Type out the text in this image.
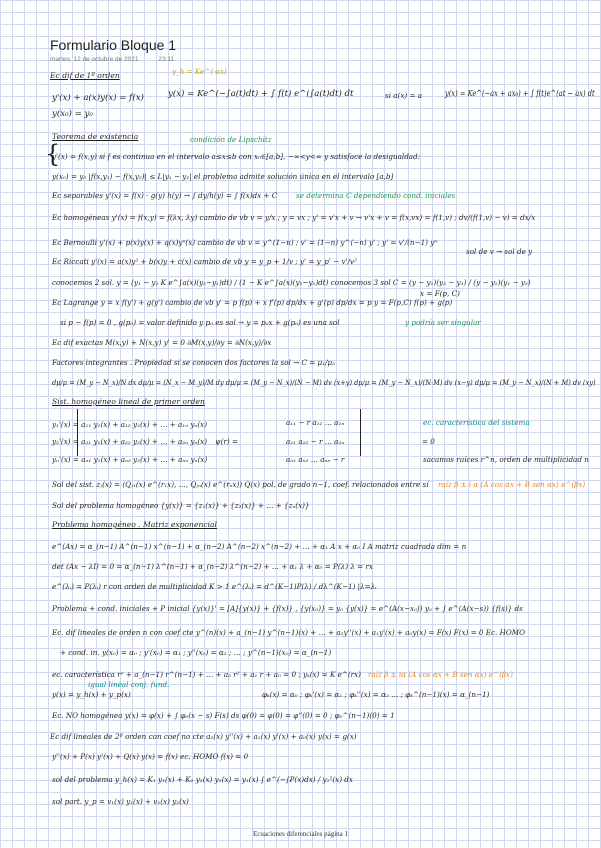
Formulario Bloque 1
martes, 12 de octubre de 2021	23:11
{
Ec dif de 1º orden	y_h = Ke^(-ax)
y'(x) + a(x)y(x) = f(x)
y(x₀) = y₀
y(x) = Ke^(−∫a(t)dt) + ∫ f(t) e^(∫a(t)dt) dt	si a(x) = a	y(x) = Ke^(−ax + ax₀) + ∫ f(t)e^(at − ax) dt
Teorema de existencia	condición de Lipschitz
y'(x) = f(x,y) si f es continua en el intervalo a≤x≤b con x₀∈[a,b], −∞<y<∞ y satisface la desigualdad:
y(x₀) = y₀ |f(x,y₁) − f(x,y₂)| ≤ L|y₁ − y₂| el problema admite solución única en el intervalo [a,b]
Ec separables y'(x) = f(x) · g(y) h(y) → ∫ dy/h(y) = ∫ f(x)dx + C	se determina C dependiendo cond. iniciales
Ec homogéneas y'(x) = f(x,y) = f(λx, λy) cambio de vb v = y/x ; y = vx ; y' = v'x + v → v'x + v = f(x,vx) = f(1,v) ; dv/(f(1,v) − v) = dx/x
Ec Bernoulli y'(x) + p(x)y(x) + q(x)yⁿ(x) cambio de vb v = y^(1−n) ; v' = (1−n) y^(−n) y' ; y' = v'/(n−1) yⁿ
Ec Riccati y'(x) = a(x)y² + b(x)y + c(x) cambio de vb y = y_p + 1/v ; y' = y_p' − v'/v²
sol de v → sol de y
conocemos 2 sol. y = (y₁ − y₂ K e^∫a(x)(y₂−y₁)dt) / (1 − K e^∫a(x)(y₂−y₁)dt) conocemos 3 sol C = (y − y₁)(y₂ − y₃) / (y − y₂)(y₁ − y₃)
x = F(p, C)
Ec Lagrange y = x f(y') + g(y') cambio de vb y' = p f(p) + x f'(p) dp/dx + g'(p) dp/dx = p y = F(p,C) f(p) + g(p)
si p − f(p) = 0 , g(p₀) = valor definido y p₀ es sol → y = p₀x + g(p₀) es una sol	y podría ser singular
Ec dif exactas M(x,y) + N(x,y) y' = 0 ∂M(x,y)/∂y = ∂N(x,y)/∂x
Factores integrantes . Propiedad si se conocen dos factores la sol → C = μ₁/μ₂
dμ/μ = (M_y − N_x)/N dx dμ/μ = (N_x − M_y)/M dy dμ/μ = (M_y − N_x)/(N − M) dv (x+y) dμ/μ = (M_y − N_x)/(N·M) dv (x−y) dμ/μ = (M_y − N_x)/(N + M) dv (xy)
Sist. homogéneo lineal de primer orden
y₁'(x) = a₁₁ y₁(x) + a₁₂ y₂(x) + … + a₁ₙ yₙ(x)
y₂'(x) = a₂₁ y₁(x) + a₂₂ y₂(x) + … + a₂ₙ yₙ(x)
yₙ'(x) = aₙ₁ y₁(x) + aₙ₂ y₂(x) + … + aₙₙ yₙ(x)
ψ(r) =
a₁₁ − r a₁₂ … a₁ₙ
a₂₁ a₂₂ − r … a₂ₙ
aₙ₁ aₙ₂ … aₙₙ − r
= 0
ec. característica del sistema
sacamos raíces r^n, orden de multiplicidad n
Sol del sist. zⱼ(x) = (Qⱼ₁(x) e^(r₁x), …, Qⱼₙ(x) e^(rₙx)) Q(x) pol. de grado n−1, coef. relacionados entre sí raíz β ± i α (A cos αx + B sen αx) e^(βx)
Sol del problema homogéneo {y(x)} = {z₁(x)} + {z₂(x)} + … + {zₙ(x)}
Problema homogéneo . Matriz exponencial
e^(Ax) = α_(n−1) A^(n−1) x^(n−1) + α_(n−2) A^(n−2) x^(n−2) + … + α₁ A x + α₀ I A matriz cuadrada dim = n
det (Ax − λI) = 0 = α_(n−1) λ^(n−1) + α_(n−2) λ^(n−2) + … + α₁ λ + α₀ = P(λ) λ = rx
e^(λᵢ) = P(λᵢ) r con orden de multiplicidad K > 1 e^(λᵢ) = d^(K−1)P(λ) / dλ^(K−1) |λ=λᵢ
Problema + cond. iniciales + P inicial {y(x)}' = [A]{y(x)} + {f(x)} , {y(x₀)} = y₀ {y(x)} = e^(A(x−x₀)) y₀ + ∫ e^(A(x−s)) {f(s)} ds
Ec. dif lineales de orden n con coef cte y^(n)(x) + a_(n−1) y^(n−1)(x) + … + a₂y''(x) + a₁y'(x) + a₀y(x) = F(x) F(x) = 0 Ec. HOMO
+ cond. in. y(x₀) = α₀ ; y'(x₀) = α₁ ; y''(x₀) = α₂ ; … ; y^(n−1)(x₀) = α_(n−1)
ec. característica rⁿ + a_(n−1) r^(n−1) + … + a₂ r² + a₁ r + a₀ = 0 ; yₖ(x) = K e^(rx) raíz β ± iα (A cos αx + B sen αx) e^(βx)
igual lineal conj. fund.
y(x) = y_h(x) + y_p(x)	φₖ(x) = α₀ ; φₖ'(x) = α₁ ; φₖ''(x) = α₂ … ; φₖ^(n−1)(x) = α_(n−1)
Ec. NO homogénea y(x) = φ(x) + ∫ φ₀(x − s) F(s) ds φ(0) = φ(0) = φ''(0) = 0 ; φ₀^(n−1)(0) = 1
Ec dif lineales de 2º orden con coef no cte a₂(x) y''(x) + a₁(x) y'(x) + a₀(x) y(x) = g(x)
y''(x) + P(x) y'(x) + Q(x) y(x) = f(x) ec. HOMO f(x) = 0
sol del problema y_h(x) = K₁ y₁(x) + K₂ y₂(x) y₂(x) = y₁(x) ∫ e^(−∫P(x)dx) / y₁²(x) dx
sol part. y_p = v₁(x) y₁(x) + v₂(x) y₂(x)
Ecuaciones diferenciales página 1
